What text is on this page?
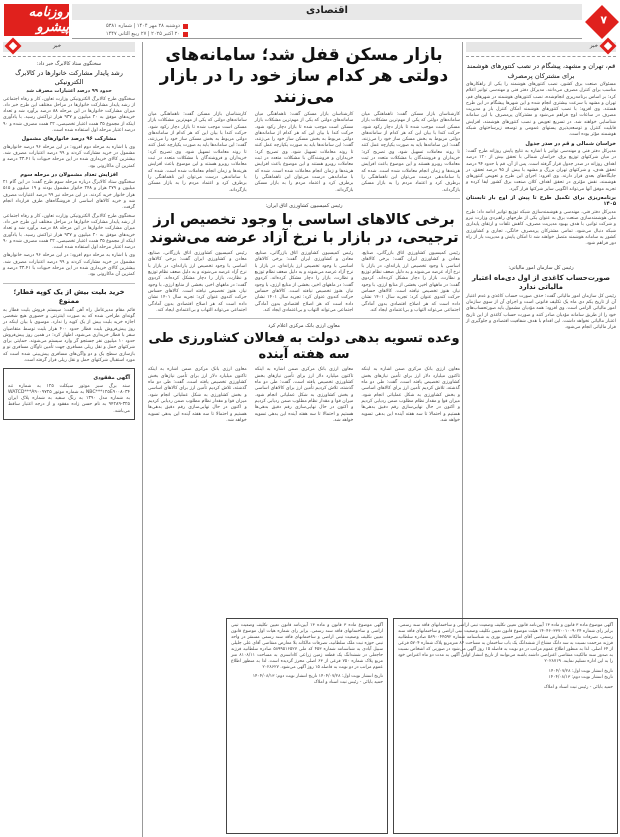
روزنامه پیشرو
اقتصادی
دوشنبه ۲۸ مهر ۱۴۰۴ | شماره ۵۳۸۱
۲۰ اکتبر ۲۰۲۵ | ۲۷ ربیع الثانی ۱۴۴۷
۷
خبر
قم، تهران و مشهد، پیشگام در نصب کنتورهای هوشمند برای مشترکان پرمصرف
مسئولان صنعت برق کشور، نصب کنتورهای هوشمند را یکی از راهکارهای مناسب برای کنترل مصرف می‌دانند. مدیرکل دفتر فنی و مهندسی توانیر اعلام کرد: بر اساس برنامه‌ریزی انجام‌شده، نصب کنتورهای هوشمند در شهرهای قم، تهران و مشهد با سرعت بیشتری انجام شده و این شهرها پیشگام در این طرح هستند. وی افزود: با نصب کنتورهای هوشمند امکان کنترل بار و مدیریت مصرف در ساعات اوج فراهم می‌شود و مشترکان پرمصرف با این سامانه شناسایی خواهند شد. در تسریع تعویض و نصب کنتورهای هوشمند، افزایش قابلیت کنترل و توسعه‌پذیری پستهای عمومی و توسعه زیرساختهای شبکه هوشمند مؤثر بوده است.
خراسان شمالی و قم در صدر جدول
مدیرکل دفتر فنی و مهندسی توانیر با اشاره به نتایج پایش روزانه طرح گفت: در میان شرکتهای توزیع برق، خراسان شمالی با تحقق بیش از ۱۲۰ درصد اهداف روزانه در صدر جدول قرار گرفته است. پس از آن، قم با حدود ۹۴ درصد تحقق هدف، و شرکتهای تهران بزرگ و مشهد با بیش از ۹۵ درصد تحقق، در جایگاه‌های بعدی قرار دارند. وی افزود: اجرای این طرح و تعویض کنتورهای هوشمند، نقش مؤثری در تحقق اهداف کلان صنعت برق کشور ایفا کرده و تجربه موفق آنها می‌تواند الگویی سایر شرکتها قرار گیرد.
برنامه‌ریزی برای تکمیل طرح تا پیش از اوج بار تابستان ۱۴۰۵
مدیرکل دفتر فنی، مهندسی و هوشمندسازی شبکه توزیع توانیر ادامه داد: طرح ملی هوشمندسازی صنعت برق به عنوان یکی از طرحهای راهبردی وزارت نیرو و شرکت توانیر، با هدف بهبود مدیریت مصرف، کاهش تلفات و ارتقای پایداری شبکه دنبال می‌شود. تمامی مشترکان پرمصرف خانگی، تجاری و کشاورزی کشور به سامانه هوشمند متصل خواهند شد تا امکان پایش و مدیریت بار از راه دور فراهم شود.
رئیس کل سازمان امور مالیاتی:
صورت‌حساب کاغذی از اول دی‌ماه اعتبار مالیاتی ندارد
رئیس کل سازمان امور مالیاتی گفت: حذف صورت حساب کاغذی و عدم اعتبار آن از تاریخ یکم دی ماه یک تکلیف قانونی است و اجرای آن از سوی سازمان امور مالیاتی الزامی است. وی افزود: همه مؤدیان مشمول باید صورتحساب‌های خود را از طریق سامانه مؤدیان صادر کنند و صورت حساب کاغذی از این تاریخ اعتبار مالیاتی نخواهد داشت. این اقدام با هدف شفافیت اقتصادی و جلوگیری از فرار مالیاتی انجام می‌شود.
بازار مسکن قفل شد؛ سامانه‌های دولتی هر کدام ساز خود را در بازار می‌زنند
کارشناسان بازار مسکن گفت: ناهماهنگی میان سامانه‌های دولتی که یکی از مهم‌ترین مشکلات بازار مسکن است موجب شده تا بازار دچار رکود شود. حرکت کندا با بیان این که هر کدام از سامانه‌های دولتی مربوط به بخش مسکن ساز خود را می‌زنند، گفت: این سامانه‌ها باید به صورت یکپارچه عمل کنند تا روند معاملات تسهیل شود. وی تصریح کرد: خریداران و فروشندگان با مشکلات متعدد در ثبت معاملات روبرو هستند و این موضوع باعث افزایش هزینه‌ها و زمان انجام معاملات شده است. شده که با ساماندهی درست می‌توان این ناهماهنگی را برطرف کرد و اعتماد مردم را به بازار مسکن بازگرداند.
کارشناسان بازار مسکن گفت: ناهماهنگی میان سامانه‌های دولتی که یکی از مهم‌ترین مشکلات بازار مسکن است موجب شده تا بازار دچار رکود شود. حرکت کندا با بیان این که هر کدام از سامانه‌های دولتی مربوط به بخش مسکن ساز خود را می‌زنند، گفت: این سامانه‌ها باید به صورت یکپارچه عمل کنند تا روند معاملات تسهیل شود. وی تصریح کرد: خریداران و فروشندگان با مشکلات متعدد در ثبت معاملات روبرو هستند و این موضوع باعث افزایش هزینه‌ها و زمان انجام معاملات شده است. شده که با ساماندهی درست می‌توان این ناهماهنگی را برطرف کرد و اعتماد مردم را به بازار مسکن بازگرداند.
کارشناسان بازار مسکن گفت: ناهماهنگی میان سامانه‌های دولتی که یکی از مهم‌ترین مشکلات بازار مسکن است موجب شده تا بازار دچار رکود شود. حرکت کندا با بیان این که هر کدام از سامانه‌های دولتی مربوط به بخش مسکن ساز خود را می‌زنند، گفت: این سامانه‌ها باید به صورت یکپارچه عمل کنند تا روند معاملات تسهیل شود. وی تصریح کرد: خریداران و فروشندگان با مشکلات متعدد در ثبت معاملات روبرو هستند و این موضوع باعث افزایش هزینه‌ها و زمان انجام معاملات شده است. شده که با ساماندهی درست می‌توان این ناهماهنگی را برطرف کرد و اعتماد مردم را به بازار مسکن بازگرداند.
رئیس کمیسیون کشاورزی اتاق ایران:
برخی کالاهای اساسی با وجود تخصیص ارز ترجیحی، در بازار با نرخ آزاد عرضه می‌شوند
رئیس کمیسیون کشاورزی اتاق بازرگانی، صنایع، معادن و کشاورزی ایران گفت: برخی کالاهای اساسی با وجود تخصیص ارز یارانه‌ای، در بازار با نرخ آزاد عرضه می‌شوند و به دلیل ضعف نظام توزیع و نظارت، بازار را دچار مشکل کرده‌اند. کردوی گفت: در ماههای اخیر، بخشی از منابع ارزی، با وجود نیاز، هنوز تخصیص نیافته است. کالاهای حساس حرکت کندوی عنوان کرد: تجربه سال ۱۴۰۱ نشان داده است که هر اصلاح اقتصادی بدون آمادگی اجتماعی می‌تواند التهاب و بی‌اعتمادی ایجاد کند.
رئیس کمیسیون کشاورزی اتاق بازرگانی، صنایع، معادن و کشاورزی ایران گفت: برخی کالاهای اساسی با وجود تخصیص ارز یارانه‌ای، در بازار با نرخ آزاد عرضه می‌شوند و به دلیل ضعف نظام توزیع و نظارت، بازار را دچار مشکل کرده‌اند. کردوی گفت: در ماههای اخیر، بخشی از منابع ارزی، با وجود نیاز، هنوز تخصیص نیافته است. کالاهای حساس حرکت کندوی عنوان کرد: تجربه سال ۱۴۰۱ نشان داده است که هر اصلاح اقتصادی بدون آمادگی اجتماعی می‌تواند التهاب و بی‌اعتمادی ایجاد کند.
رئیس کمیسیون کشاورزی اتاق بازرگانی، صنایع، معادن و کشاورزی ایران گفت: برخی کالاهای اساسی با وجود تخصیص ارز یارانه‌ای، در بازار با نرخ آزاد عرضه می‌شوند و به دلیل ضعف نظام توزیع و نظارت، بازار را دچار مشکل کرده‌اند. کردوی گفت: در ماههای اخیر، بخشی از منابع ارزی، با وجود نیاز، هنوز تخصیص نیافته است. کالاهای حساس حرکت کندوی عنوان کرد: تجربه سال ۱۴۰۱ نشان داده است که هر اصلاح اقتصادی بدون آمادگی اجتماعی می‌تواند التهاب و بی‌اعتمادی ایجاد کند.
معاون ارزی بانک مرکزی اعلام کرد
وعده تسویه بدهی دولت به فعالان کشاورزی طی سه هفته آینده
معاون ارزی بانک مرکزی ضمن اشاره به اینکه تاکنون میلیارد دلار ارز برای تأمین نیازهای بخش کشاورزی تخصیص یافته است، گفت: طی دو ماه گذشته، تلاش کردیم تأمین ارز برای کالاهای اساسی و بخش کشاورزی به شکل عملیاتی انجام شود. میزان قوا و مقدار نظام مطلوب ضمن ردیابی کردیم و اکنون در حال نهایی‌سازی رقم دقیق بدهی‌ها هستیم و احتمالا تا سه هفته آینده این بدهی تسویه خواهد شد.
معاون ارزی بانک مرکزی ضمن اشاره به اینکه تاکنون میلیارد دلار ارز برای تأمین نیازهای بخش کشاورزی تخصیص یافته است، گفت: طی دو ماه گذشته، تلاش کردیم تأمین ارز برای کالاهای اساسی و بخش کشاورزی به شکل عملیاتی انجام شود. میزان قوا و مقدار نظام مطلوب ضمن ردیابی کردیم و اکنون در حال نهایی‌سازی رقم دقیق بدهی‌ها هستیم و احتمالا تا سه هفته آینده این بدهی تسویه خواهد شد.
معاون ارزی بانک مرکزی ضمن اشاره به اینکه تاکنون میلیارد دلار ارز برای تأمین نیازهای بخش کشاورزی تخصیص یافته است، گفت: طی دو ماه گذشته، تلاش کردیم تأمین ارز برای کالاهای اساسی و بخش کشاورزی به شکل عملیاتی انجام شود. میزان قوا و مقدار نظام مطلوب ضمن ردیابی کردیم و اکنون در حال نهایی‌سازی رقم دقیق بدهی‌ها هستیم و احتمالا تا سه هفته آینده این بدهی تسویه خواهد شد.
آگهی موضوع ماده ۳ قانون و ماده ۱۳ آیین‌نامه قانون تعیین تکلیف وضعیت ثبتی اراضی و ساختمانهای فاقد سند رسمی. برابر رای شماره ۱۴۰۴۶۰۳۳۷۰۰۱۰۰۹۰۲۴ هیئت موضوع قانون تعیین تکلیف وضعیت ثبتی اراضی و ساختمانهای فاقد سند رسمی، تصرفات مالکانه بلامعارض متقاضی آقای امیر حسین نوری به شناسنامه شماره ۵۸۹۰۰۴۴۵۹۲ صادره سلطانیه فرزند مرحمت نسبت به سه دانگ مشاع از ششدانگ یک باب ساختمان به مساحت ۸۴ مترمربع پلاک شماره ۵۷۰۴ فرعی از ۶۴ اصلی. لذا به منظور اطلاع عموم مراتب در دو نوبت به فاصله ۱۵ روز آگهی می‌شود در صورتی که اشخاص نسبت به صدور سند مالکیت متقاضی اعتراضی داشته باشند می‌توانند از تاریخ انتشار اولین آگهی به مدت دو ماه اعتراض خود را به این اداره تسلیم نمایند. ۲۰۲۸۷۱۹
تاریخ انتشار نوبت اول: ۱۴۰۴/۰۷/۲۸
تاریخ انتشار نوبت دوم: ۱۴۰۴/۰۸/۱۳
حمید بابائی - رئیس ثبت اسناد و املاک
آگهی موضوع ماده ۳ قانون و ماده ۱۳ آیین‌نامه قانون تعیین تکلیف وضعیت ثبتی اراضی و ساختمانهای فاقد سند رسمی. برابر رای شماره هیات اول موضوع قانون تعیین تکلیف وضعیت ثبتی اراضی و ساختمانهای فاقد سند رسمی مستقر در واحد ثبتی حوزه ثبت ملک سلطانیه، تصرفات مالکانه بلا معارض متقاضی آقای علی جلیلی سبیل آبادی به شناسنامه شماره ۴۵۳ کد ملی ۵۸۹۹۵۱۶۵۲۷ صادره سلطانیه فرزند حاجعلی در ششدانگ یک قطعه زمین زراعی کاداستری به مساحت ۸۱۰۸/۱۱ متر مربع پلاک شماره ۷۵۰ فرعی از ۶۳ اصلی محرز گردیده است. لذا به منظور اطلاع عموم مراتب در دو نوبت به فاصله ۱۵ روز آگهی می‌شود. ۲۰۲۸۶۲۷
تاریخ انتشار نوبت اول: ۱۴۰۴/۰۷/۲۸ تاریخ انتشار نوبت دوم: ۱۴۰۴/۰۸/۱۳
حمید بابائی - رئیس ثبت اسناد و املاک
خبر
سخنگوی ستاد کالابرگ خبر داد:
رشد پایدار مشارکت خانوارها در کالابرگ الکترونیکی
حدود ۹۹ درصد اعتبارات مصرف شد
سخنگوی طرح کالابرگ الکترونیکی وزارت تعاون، کار و رفاه اجتماعی از رشد پایدار مشارکت خانوارها در مراحل مختلف این طرح خبر داد. میزان مشارکت خانوارها در این مرحله ۸۸ درصد برآورد شد و تعداد خریدهای موفق به ۲۰ میلیون و ۹۳۷ هزار تراکنش رسید. با یادآوری اینکه از مجموع ۳۵ همت اعتبار تخصیصی، ۲۲ همت مصرف شده و ۹۰ درصد اعتبار مرحله اول استفاده شده است.
مشارکت ۹۶ درصد خانوارهای مشمول
وی با اشاره به مرحله دوم افزود: در این مرحله ۹۶ درصد خانوارهای مشمول در خرید مشارکت کردند و ۹۹ درصد اعتبارات مصرف شد. بیشترین کالای خریداری شده در این مرحله حبوبات با ۳۳.۴۱ درصد و کمترین آن ماکارونی بود.
افزایش تعداد مشمولان در مرحله سوم
سخنگوی ستاد کالابرگ درباره مرحله سوم طرح گفت: در این گام ۲۱ میلیون و ۲۷۹ هزار و ۲۴۸ خانوار مشمول بودند و ۱۹ میلیون و ۵۱۵ هزار خانوار خرید کردند. در این مرحله نیز ۹۹ درصد اعتبارات مصرف شد و خرید کالاهای اساسی از فروشگاه‌های طرف قرارداد انجام گرفت.
سخنگوی طرح کالابرگ الکترونیکی وزارت تعاون، کار و رفاه اجتماعی از رشد پایدار مشارکت خانوارها در مراحل مختلف این طرح خبر داد. میزان مشارکت خانوارها در این مرحله ۸۸ درصد برآورد شد و تعداد خریدهای موفق به ۲۰ میلیون و ۹۳۷ هزار تراکنش رسید. با یادآوری اینکه از مجموع ۳۵ همت اعتبار تخصیصی، ۲۲ همت مصرف شده و ۹۰ درصد اعتبار مرحله اول استفاده شده است.
وی با اشاره به مرحله دوم افزود: در این مرحله ۹۶ درصد خانوارهای مشمول در خرید مشارکت کردند و ۹۹ درصد اعتبارات مصرف شد. بیشترین کالای خریداری شده در این مرحله حبوبات با ۳۳.۴۱ درصد و کمترین آن ماکارونی بود.
خرید بلیت بیش از یک کوپه قطار؛ ممنوع
قائم مقام مدیرعامل راه آهن گفت: سیستم فروش بلیت قطار به گونه‌ای طراحی شده که به صورت اینترنتی و حضوری هیچ شخصی اجازه خرید بلیت بیش از یک کوپه را ندارد. موسوی با بیان اینکه در روز پیش‌فروش بلیت قطار حدود ۴۰۰ هزار بلیت توسط متقاضیان سفر با قطار خریداری می‌شود، اظهار کرد: در همین روز پیش‌فروش حدود ۱۰ میلیون نفر جستجو گر وارد سیستم می‌شوند. حمایتی برای شرکتهای حمل و نقل ریلی مسافری جهت تأمین ناوگان مسافری نو و بازسازی سطح یک و دو واگن‌های مسافری پیش‌بینی شده است که مورد استقبال شرکتهای حمل و نقل ریلی قرار گرفته است.
آگهی مفقودی
سند برگ سبز موتور سیکلت ۱۲۵ به شماره تنه NBC***۱۲۵E۹۰۰۸۰۳۴ به شماره موتور WATCD***A۹۰۰۹۷۲۵ به شماره مدل ۱۳۹۰ به رنگ سفید به شماره پلاک ایران ۳۲۵-۹۴۲۸۹ به نام حسن زاده مفقود و از درجه اعتبار ساقط می‌باشد.
